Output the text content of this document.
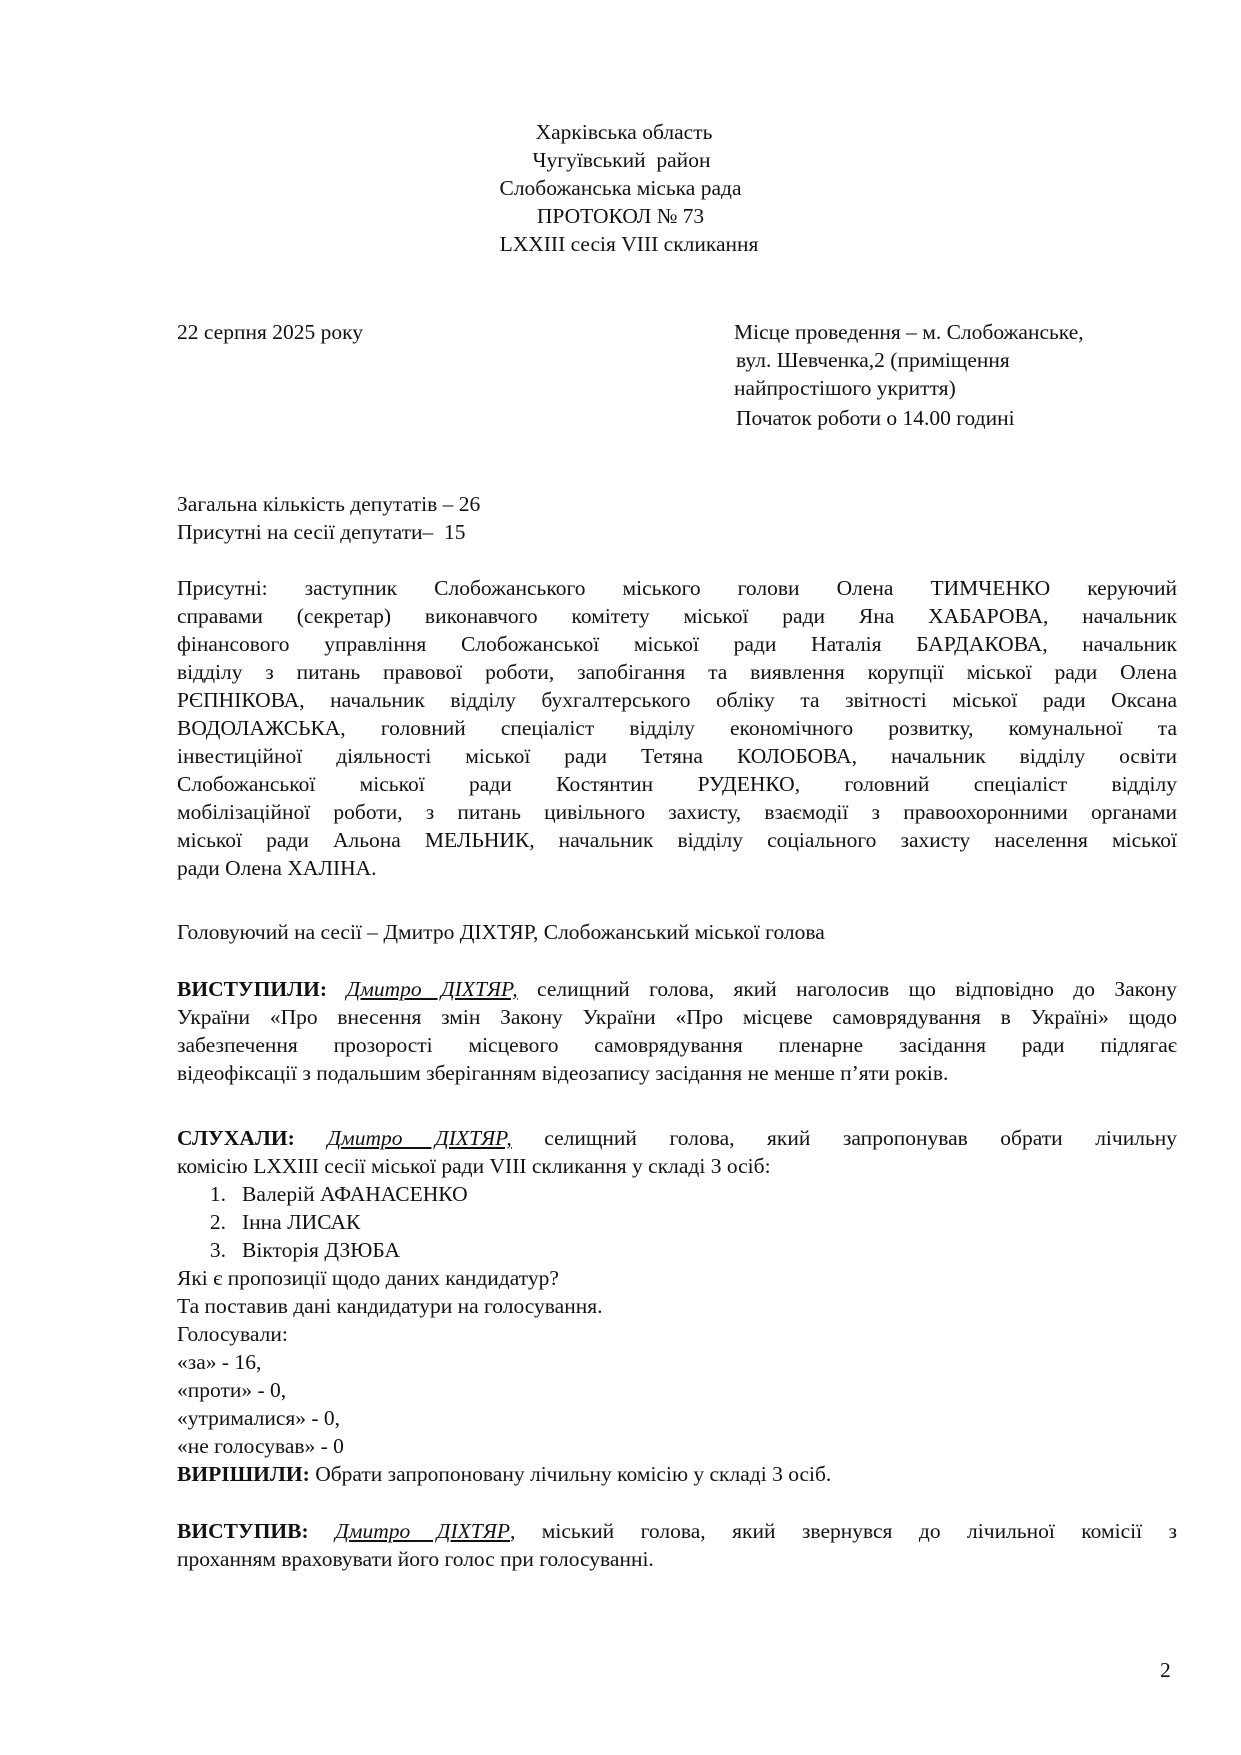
Харківська область
Чугуївський  район
Слобожанська міська рада
ПРОТОКОЛ № 73
LXXIII сесія VIII скликання
22 серпня 2025 року	Місце проведення – м. Слобожанське,
вул. Шевченка,2 (приміщення
найпростішого укриття)
Початок роботи о 14.00 годині
Загальна кількість депутатів – 26
Присутні на сесії депутати–  15
Присутні: заступник Слобожанського міського голови Олена ТИМЧЕНКО керуючий
справами (секретар) виконавчого комітету міської ради Яна ХАБАРОВА, начальник
фінансового управління Слобожанської міської ради Наталія БАРДАКОВА, начальник
відділу з питань правової роботи, запобігання та виявлення корупції міської ради Олена
РЄПНІКОВА, начальник відділу бухгалтерського обліку та звітності міської ради Оксана
ВОДОЛАЖСЬКА, головний спеціаліст відділу економічного розвитку, комунальної та
інвестиційної діяльності міської ради Тетяна КОЛОБОВА, начальник відділу освіти
Слобожанської міської ради Костянтин РУДЕНКО, головний спеціаліст відділу
мобілізаційної роботи, з питань цивільного захисту, взаємодії з правоохоронними органами
міської ради Альона МЕЛЬНИК, начальник відділу соціального захисту населення міської
ради Олена ХАЛІНА.
Головуючий на сесії – Дмитро ДІХТЯР, Слобожанський міської голова
ВИСТУПИЛИ: Дмитро ДІХТЯР, селищний голова, який наголосив що відповідно до Закону
України «Про внесення змін Закону України «Про місцеве самоврядування в Україні» щодо
забезпечення прозорості місцевого самоврядування пленарне засідання ради підлягає
відеофіксації з подальшим зберіганням відеозапису засідання не менше п’яти років.
СЛУХАЛИ: Дмитро ДІХТЯР, селищний голова, який запропонував обрати лічильну
комісію LXXIII сесії міської ради VIII скликання у складі 3 осіб:
1. Валерій АФАНАСЕНКО
2. Інна ЛИСАК
3. Вікторія ДЗЮБА
Які є пропозиції щодо даних кандидатур?
Та поставив дані кандидатури на голосування.
Голосували:
«за» - 16,
«проти» - 0,
«утрималися» - 0,
«не голосував» - 0
ВИРІШИЛИ: Обрати запропоновану лічильну комісію у складі 3 осіб.
ВИСТУПИВ: Дмитро ДІХТЯР, міський голова, який звернувся до лічильної комісії з
проханням враховувати його голос при голосуванні.
2
